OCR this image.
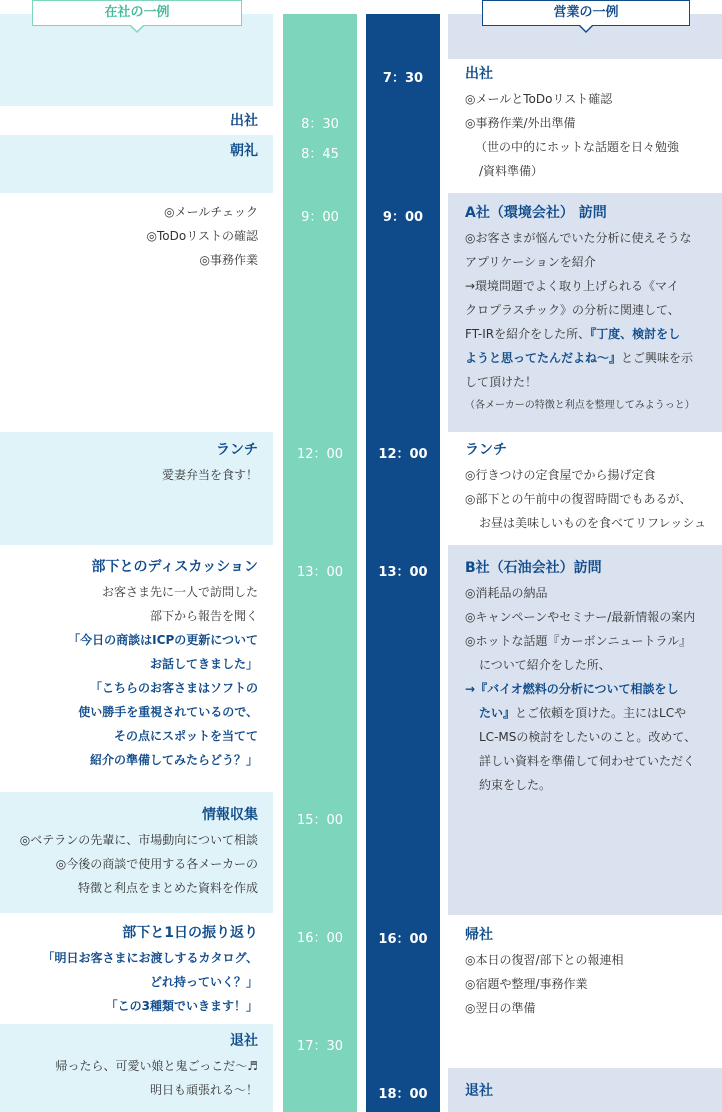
在社の一例	営業の一例
8：30
8：45
9：00
12：00
13：00
15：00
16：00
17：30
7：30
9：00
12：00
13：00
16：00
18：00
出社
朝礼
◎メールチェック
◎ToDoリストの確認
◎事務作業
ランチ
愛妻弁当を食す！
部下とのディスカッション
お客さま先に一人で訪問した
部下から報告を聞く
「今日の商談はICPの更新について
お話してきました」
「こちらのお客さまはソフトの
使い勝手を重視されているので、
その点にスポットを当てて
紹介の準備してみたらどう？」
情報収集
◎ベテランの先輩に、市場動向について相談
◎今後の商談で使用する各メーカーの
特徴と利点をまとめた資料を作成
部下と1日の振り返り
「明日お客さまにお渡しするカタログ、
どれ持っていく？」
「この3種類でいきます！」
退社
帰ったら、可愛い娘と鬼ごっこだ〜♬
明日も頑張れる〜！
出社
◎メールとToDoリスト確認
◎事務作業/外出準備
（世の中的にホットな話題を日々勉強
/資料準備）
A社（環境会社） 訪問
◎お客さまが悩んでいた分析に使えそうな
アプリケーションを紹介
→環境問題でよく取り上げられる《マイ
クロプラスチック》の分析に関連して、
FT-IRを紹介をした所、『丁度、検討をし
ようと思ってたんだよね〜』とご興味を示
して頂けた！
（各メーカーの特徴と利点を整理してみようっと）
ランチ
◎行きつけの定食屋でから揚げ定食
◎部下との午前中の復習時間でもあるが、
お昼は美味しいものを食べてリフレッシュ
B社（石油会社）訪問
◎消耗品の納品
◎キャンペーンやセミナー/最新情報の案内
◎ホットな話題『カーボンニュートラル』
について紹介をした所、
→『バイオ燃料の分析について相談をし
たい』とご依頼を頂けた。主にはLCや
LC-MSの検討をしたいのこと。改めて、
詳しい資料を準備して伺わせていただく
約束をした。
帰社
◎本日の復習/部下との報連相
◎宿題や整理/事務作業
◎翌日の準備
退社
